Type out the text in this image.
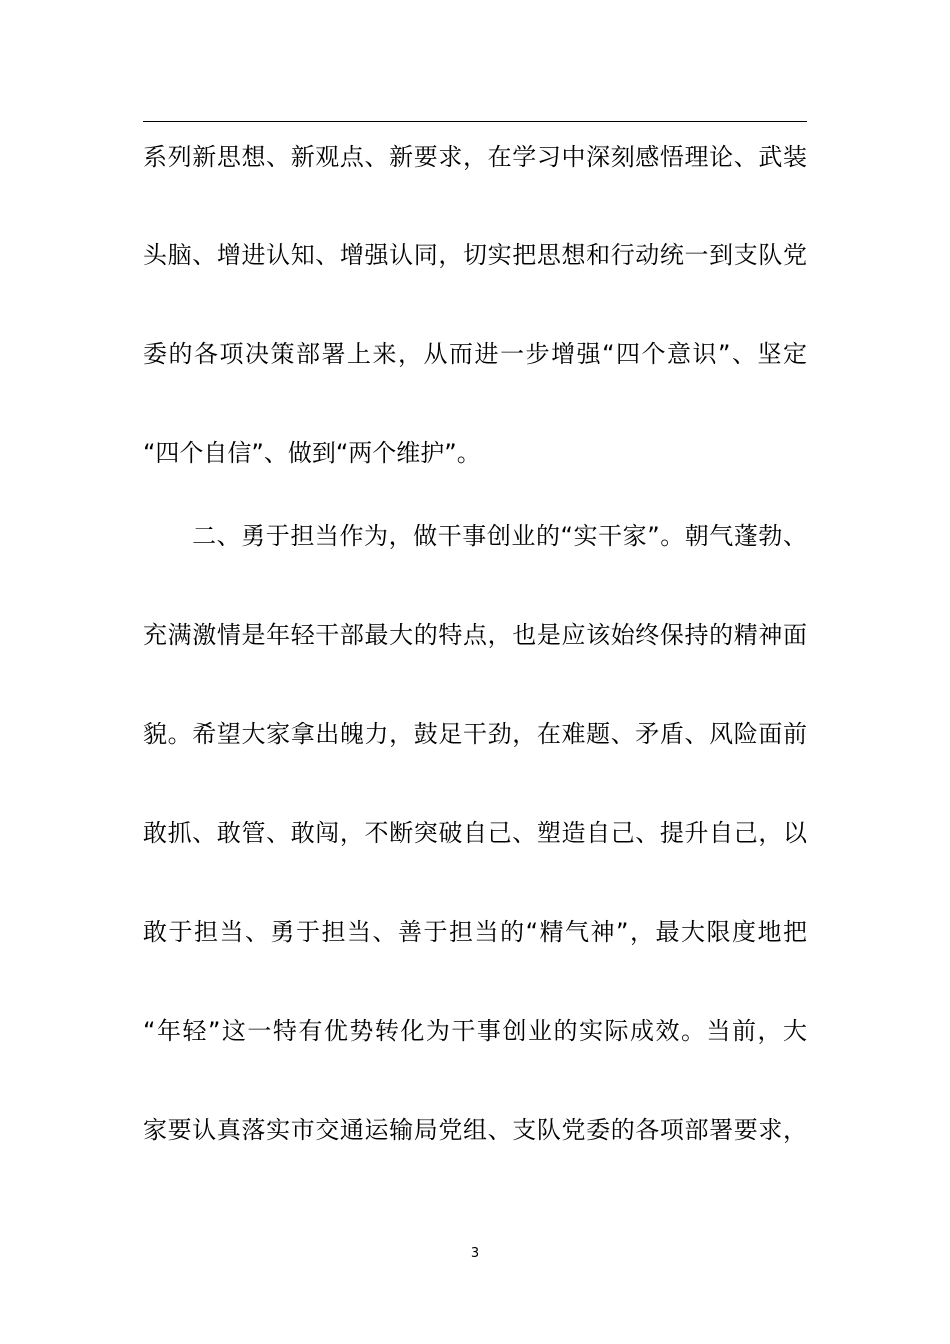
系列新思想、新观点、新要求，在学习中深刻感悟理论、武装
头脑、增进认知、增强认同，切实把思想和行动统一到支队党
委的各项决策部署上来，从而进一步增强“四个意识”、坚定
“四个自信”、做到“两个维护”。
　　二、勇于担当作为，做干事创业的“实干家”。朝气蓬勃、
充满激情是年轻干部最大的特点，也是应该始终保持的精神面
貌。希望大家拿出魄力，鼓足干劲，在难题、矛盾、风险面前
敢抓、敢管、敢闯，不断突破自己、塑造自己、提升自己，以
敢于担当、勇于担当、善于担当的“精气神”，最大限度地把
“年轻”这一特有优势转化为干事创业的实际成效。当前，大
家要认真落实市交通运输局党组、支队党委的各项部署要求，
3
